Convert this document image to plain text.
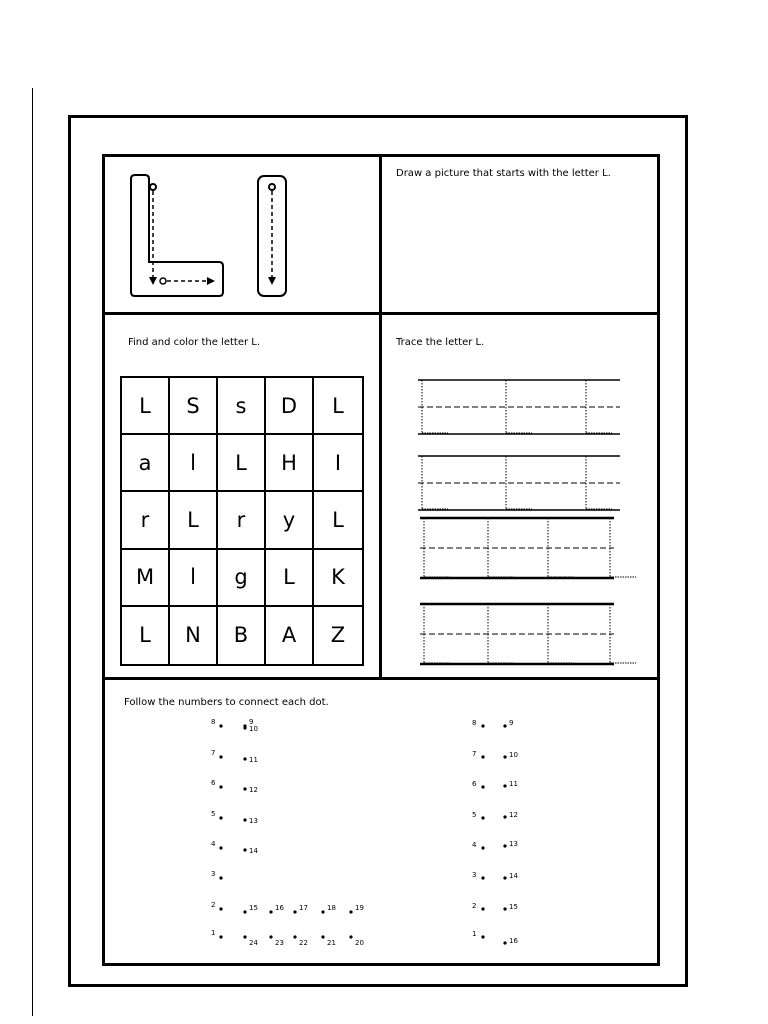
Draw a picture that starts with the letter L.
Find and color the letter L.
L	S	s	D	L
a	l	L	H	I
r	L	r	y	L
M	l	g	L	K
L	N	B	A	Z
Trace the letter L.
Follow the numbers to connect each dot.
1
2
3
4
5
6
7
8	9
10
11
12
13
14
15 16 17	18	19
20
21
22
23
24
1
2
3
4
5
6
7
8	9
10
11
12
13
14
15
16
